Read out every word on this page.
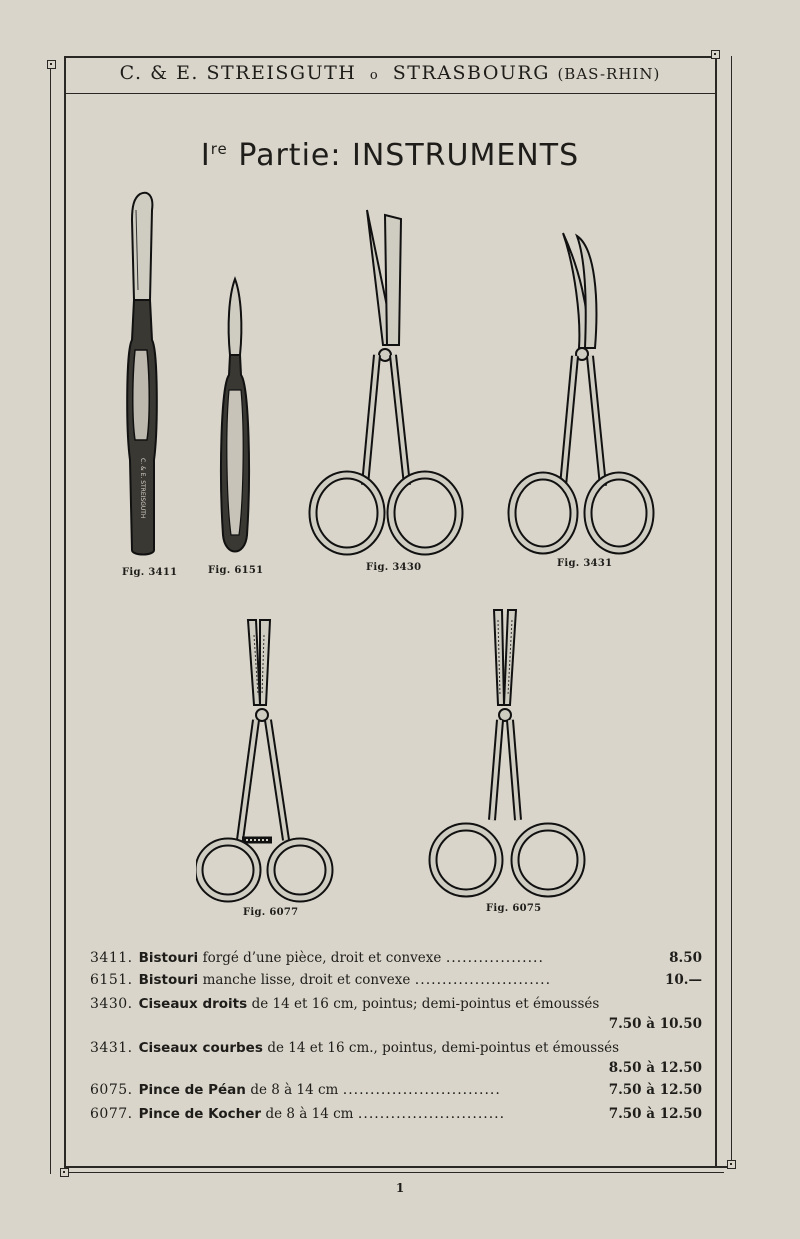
C. & E. STREISGUTH o STRASBOURG (BAS-RHIN)
Ire Partie: INSTRUMENTS
C. & E. STREISGUTH
Fig. 3411	Fig. 6151	Fig. 3430	Fig. 3431
Fig. 6077	Fig. 6075
3411. Bistouri forgé d’une pièce, droit et convexe ..................	8.50
6151. Bistouri manche lisse, droit et convexe .........................	10.—
3430. Ciseaux droits de 14 et 16 cm, pointus; demi-pointus et émoussés
7.50 à 10.50
3431. Ciseaux courbes de 14 et 16 cm., pointus, demi-pointus et émoussés
8.50 à 12.50
6075. Pince de Péan de 8 à 14 cm .............................	7.50 à 12.50
6077. Pince de Kocher de 8 à 14 cm ...........................	7.50 à 12.50
1
